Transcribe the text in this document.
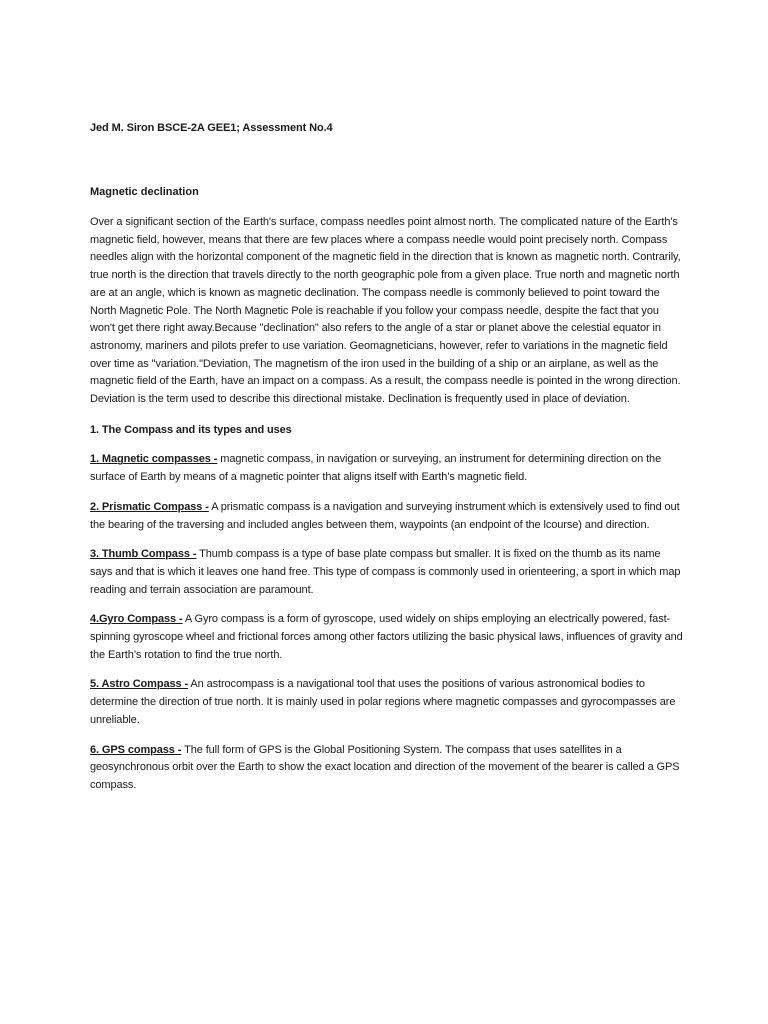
Jed M. Siron BSCE-2A GEE1; Assessment No.4
Magnetic declination

Over a significant section of the Earth's surface, compass needles point almost north. The complicated nature of the Earth's magnetic field, however, means that there are few places where a compass needle would point precisely north. Compass needles align with the horizontal component of the magnetic field in the direction that is known as magnetic north. Contrarily, true north is the direction that travels directly to the north geographic pole from a given place. True north and magnetic north are at an angle, which is known as magnetic declination. The compass needle is commonly believed to point toward the North Magnetic Pole. The North Magnetic Pole is reachable if you follow your compass needle, despite the fact that you won't get there right away.Because "declination" also refers to the angle of a star or planet above the celestial equator in astronomy, mariners and pilots prefer to use variation. Geomagneticians, however, refer to variations in the magnetic field over time as "variation."Deviation, The magnetism of the iron used in the building of a ship or an airplane, as well as the magnetic field of the Earth, have an impact on a compass. As a result, the compass needle is pointed in the wrong direction. Deviation is the term used to describe this directional mistake. Declination is frequently used in place of deviation.

1. The Compass and its types and uses

1. Magnetic compasses - magnetic compass, in navigation or surveying, an instrument for determining direction on the surface of Earth by means of a magnetic pointer that aligns itself with Earth's magnetic field.

2. Prismatic Compass - A prismatic compass is a navigation and surveying instrument which is extensively used to find out the bearing of the traversing and included angles between them, waypoints (an endpoint of the lcourse) and direction.

3. Thumb Compass - Thumb compass is a type of base plate compass but smaller. It is fixed on the thumb as its name says and that is which it leaves one hand free. This type of compass is commonly used in orienteering, a sport in which map reading and terrain association are paramount.

4.Gyro Compass - A Gyro compass is a form of gyroscope, used widely on ships employing an electrically powered, fast-spinning gyroscope wheel and frictional forces among other factors utilizing the basic physical laws, influences of gravity and the Earth’s rotation to find the true north.

5. Astro Compass - An astrocompass is a navigational tool that uses the positions of various astronomical bodies to determine the direction of true north. It is mainly used in polar regions where magnetic compasses and gyrocompasses are unreliable.

6. GPS compass - The full form of GPS is the Global Positioning System. The compass that uses satellites in a geosynchronous orbit over the Earth to show the exact location and direction of the movement of the bearer is called a GPS compass.
